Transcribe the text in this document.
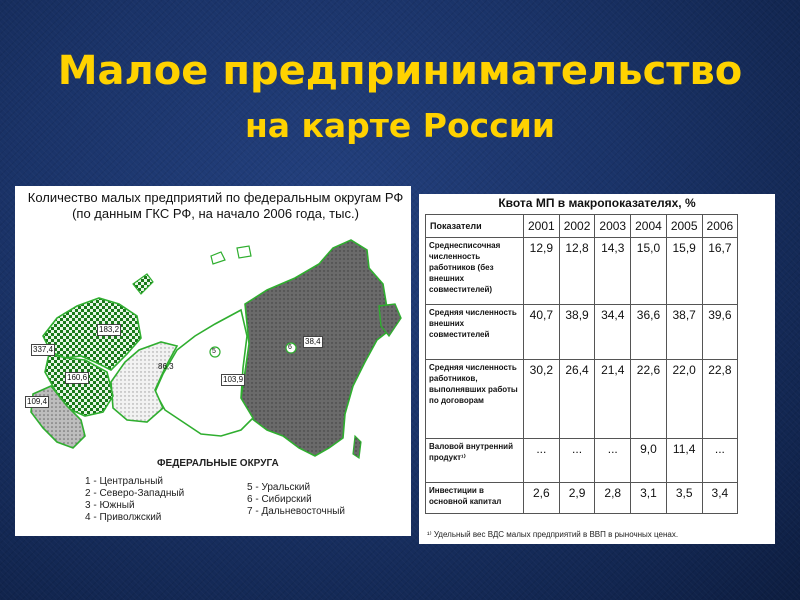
Малое предпринимательство
на карте России
Количество малых предприятий по федеральным округам РФ
(по данным ГКС РФ, на начало 2006 года, тыс.)
337,4
183,2
160,6
109,4
86,3
103,9
38,4
5
6
ФЕДЕРАЛЬНЫЕ ОКРУГА
1 - Центральный
2 - Северо-Западный
3 - Южный
4 - Приволжский
5 - Уральский
6 - Сибирский
7 - Дальневосточный
Квота МП в макропоказателях, %
Показатели	2001	2002	2003	2004	2005	2006
Среднесписочная численность работников (без внешних совместителей)	12,9	12,8	14,3	15,0	15,9	16,7
Средняя численность внешних совместителей	40,7	38,9	34,4	36,6	38,7	39,6
Средняя численность работников, выполнявших работы по договорам	30,2	26,4	21,4	22,6	22,0	22,8
Валовой внутренний продукт¹⁾	...	...	...	9,0	11,4	...
Инвестиции в основной капитал	2,6	2,9	2,8	3,1	3,5	3,4
¹⁾ Удельный вес ВДС малых предприятий в ВВП в рыночных ценах.
